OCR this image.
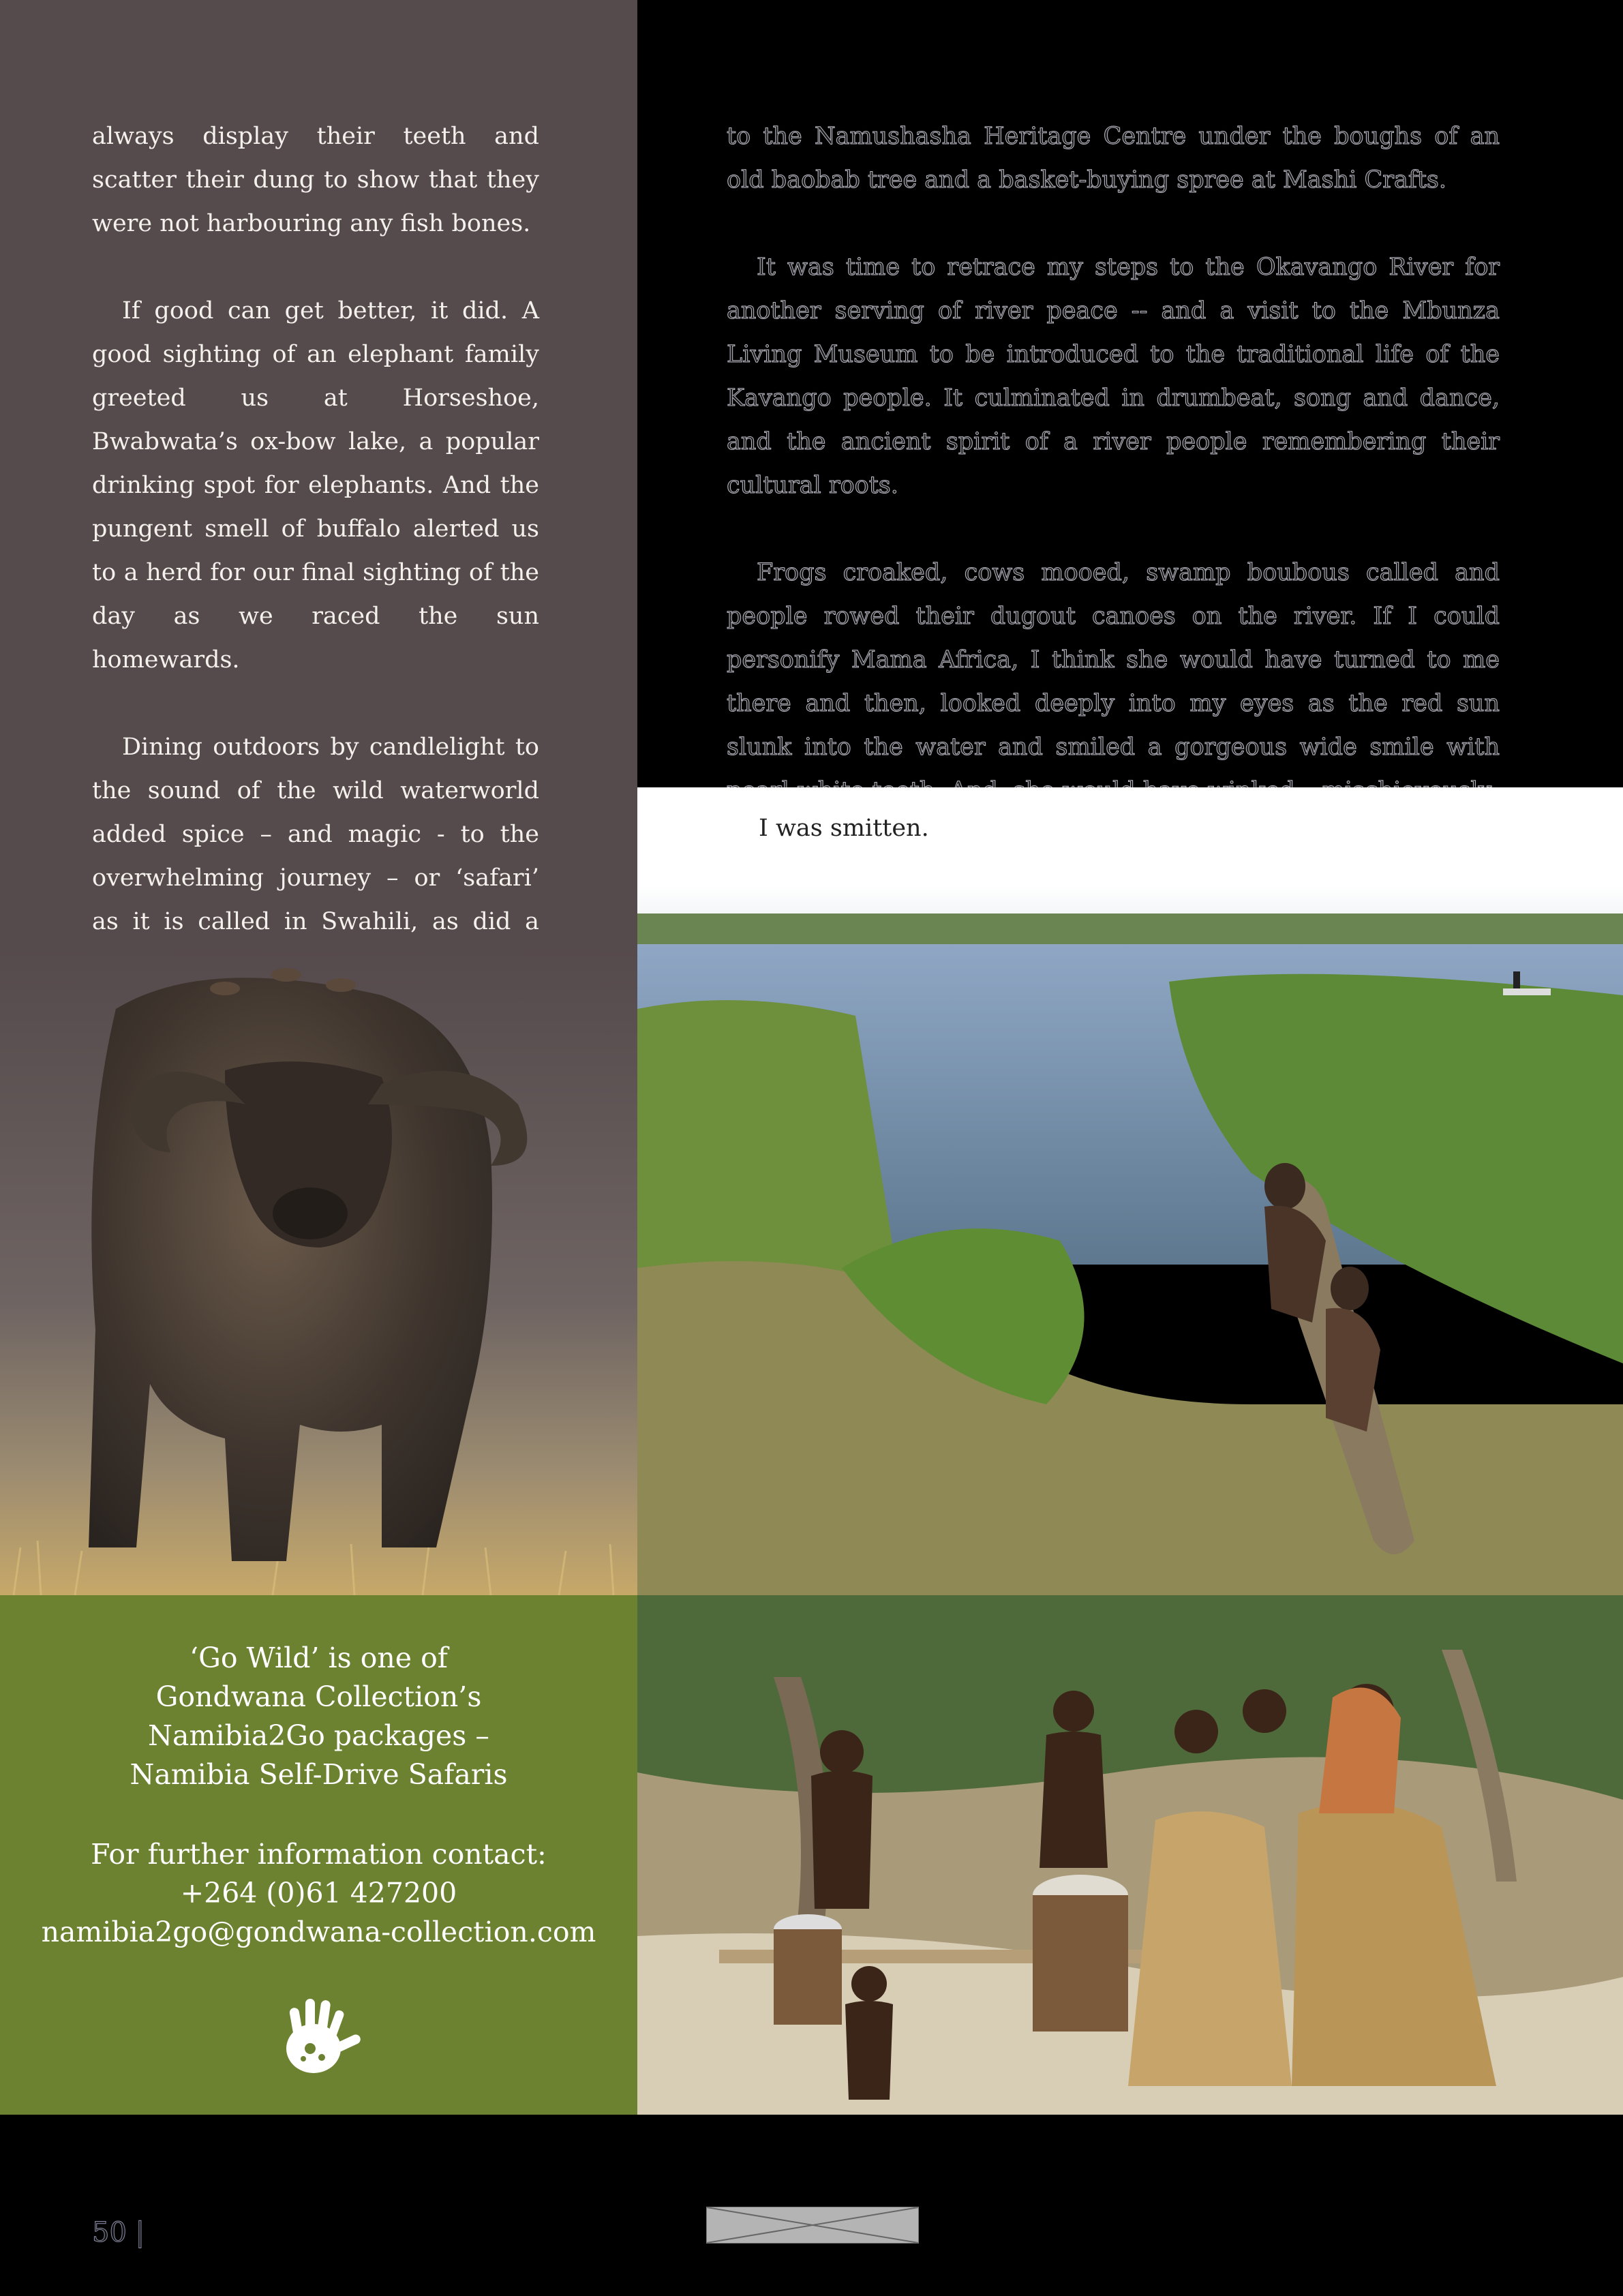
always display their teeth and scatter their dung to show that they were not harbouring any fish bones.

If good can get better, it did. A good sighting of an elephant family greeted us at Horseshoe, Bwabwata’s ox-bow lake, a popular drinking spot for elephants. And the pungent smell of buffalo alerted us to a herd for our final sighting of the day as we raced the sun homewards.

Dining outdoors by candlelight to the sound of the wild waterworld added spice – and magic - to the overwhelming journey – or ‘safari’ as it is called in Swahili, as did a

to the Namushasha Heritage Centre under the boughs of an old baobab tree and a basket-buying spree at Mashi Crafts.

It was time to retrace my steps to the Okavango River for another serving of river peace -- and a visit to the Mbunza Living Museum to be introduced to the traditional life of the Kavango people. It culminated in drumbeat, song and dance, and the ancient spirit of a river people remembering their cultural roots.

Frogs croaked, cows mooed, swamp boubous called and people rowed their dugout canoes on the river. If I could personify Mama Africa, I think she would have turned to me there and then, looked deeply into my eyes as the red sun slunk into the water and smiled a gorgeous wide smile with

I was smitten.
‘Go Wild’ is one of
Gondwana Collection’s
Namibia2Go packages –
Namibia Self-Drive Safaris
For further information contact:
+264 (0)61 427200
namibia2go@gondwana-collection.com
50 |
